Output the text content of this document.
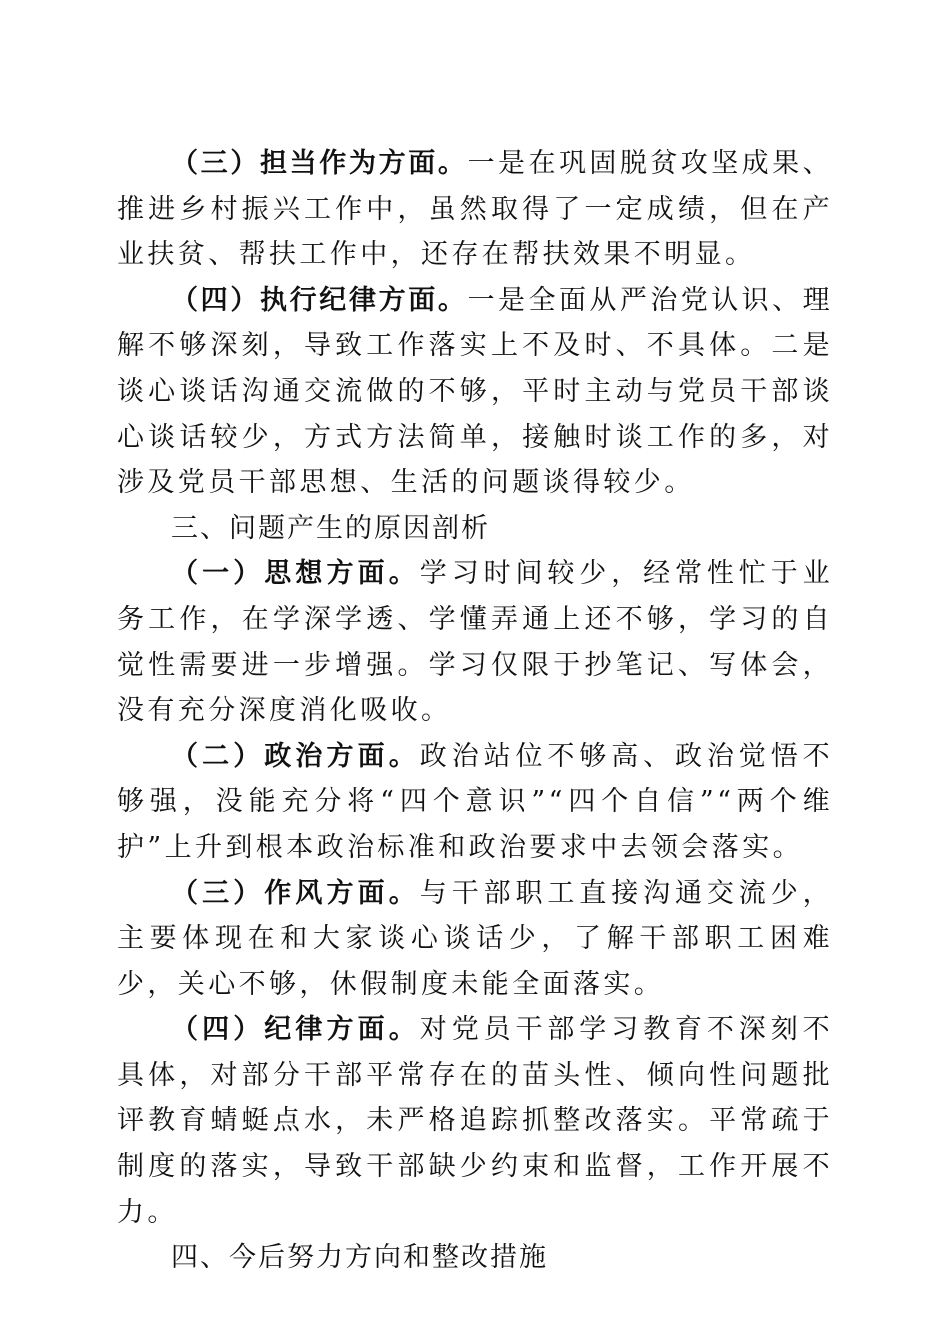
（三）担当作为方面。一是在巩固脱贫攻坚成果、推进乡村振兴工作中，虽然取得了一定成绩，但在产业扶贫、帮扶工作中，还存在帮扶效果不明显。

（四）执行纪律方面。一是全面从严治党认识、理解不够深刻，导致工作落实上不及时、不具体。二是谈心谈话沟通交流做的不够，平时主动与党员干部谈心谈话较少，方式方法简单，接触时谈工作的多，对涉及党员干部思想、生活的问题谈得较少。

三、问题产生的原因剖析

（一）思想方面。学习时间较少，经常性忙于业务工作，在学深学透、学懂弄通上还不够，学习的自觉性需要进一步增强。学习仅限于抄笔记、写体会，没有充分深度消化吸收。

（二）政治方面。政治站位不够高、政治觉悟不够强，没能充分将“四个意识”“四个自信”“两个维护”上升到根本政治标准和政治要求中去领会落实。

（三）作风方面。与干部职工直接沟通交流少，主要体现在和大家谈心谈话少，了解干部职工困难少，关心不够，休假制度未能全面落实。

（四）纪律方面。对党员干部学习教育不深刻不具体，对部分干部平常存在的苗头性、倾向性问题批评教育蜻蜓点水，未严格追踪抓整改落实。平常疏于制度的落实，导致干部缺少约束和监督，工作开展不力。

四、今后努力方向和整改措施
